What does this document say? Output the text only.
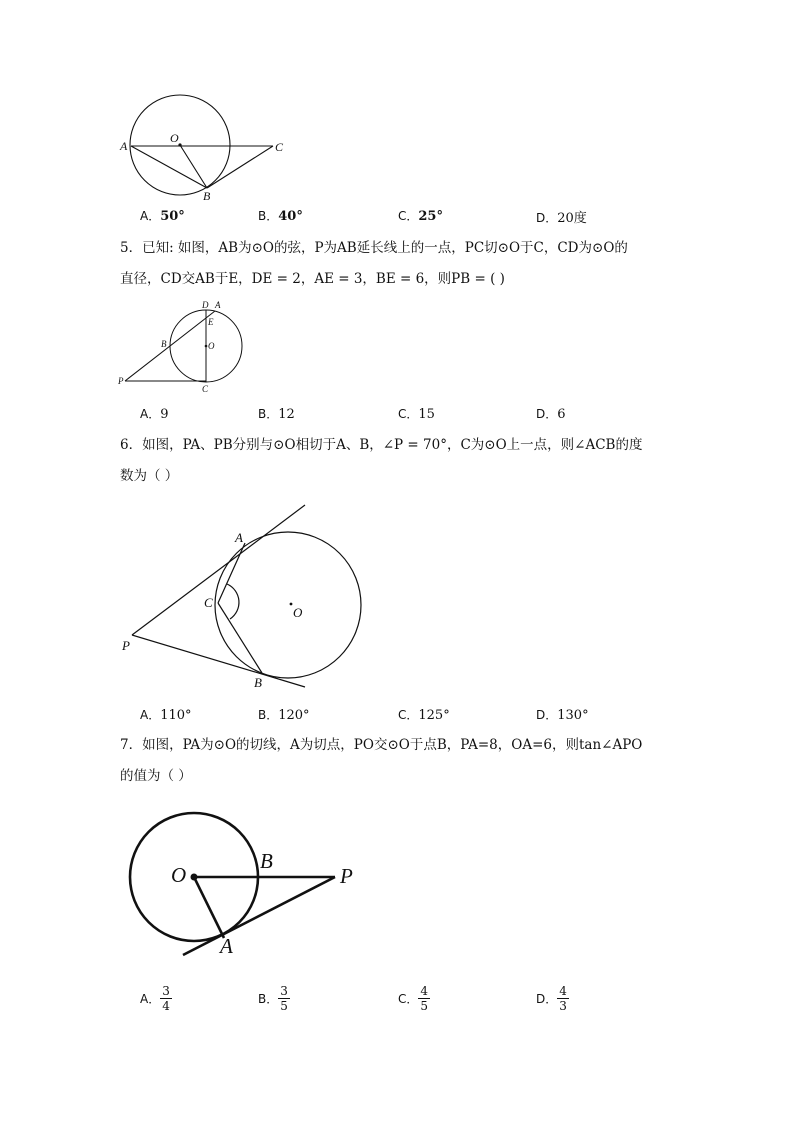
A
O
C
B
A．50°	B．40°	C．25°	D．20度
5．已知: 如图，AB为⊙O的弦，P为AB延长线上的一点，PC切⊙O于C，CD为⊙O的
直径，CD交AB于E，DE = 2，AE = 3，BE = 6，则PB = ( )
D A
E
B	O
P
C
A．9	B．12	C．15	D．6
6．如图，PA、PB分别与⊙O相切于A、B，∠P = 70°，C为⊙O上一点，则∠ACB的度
数为（ ）
A
C
O
P
B
A．110°	B．120°	C．125°	D．130°
7．如图，PA为⊙O的切线，A为切点，PO交⊙O于点B，PA=8，OA=6，则tan∠APO
的值为（ ）
O
B
P
A
A． $\frac{3}{4}$	B． $\frac{3}{5}$	C． $\frac{4}{5}$	D． $\frac{4}{3}$
